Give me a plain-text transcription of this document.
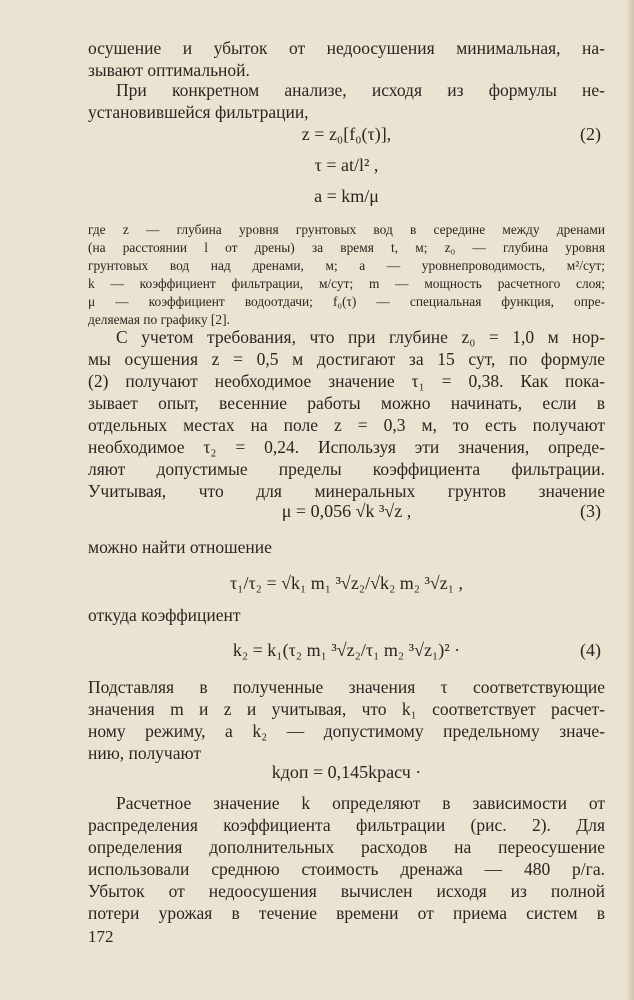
осушение и убыток от недоосушения минимальная, на-
зывают оптимальной.
При конкретном анализе, исходя из формулы не-
установившейся фильтрации,
z = z₀[f₀(τ)],	(2)
τ = at/l² ,
a = km/μ
где z — глубина уровня грунтовых вод в середине между дренами
(на расстоянии l от дрены) за время t, м; z₀ — глубина уровня
грунтовых вод над дренами, м; a — уровнепроводимость, м²/сут;
k — коэффициент фильтрации, м/сут; m — мощность расчетного слоя;
μ — коэффициент водоотдачи; f₀(τ) — специальная функция, опре-
деляемая по графику [2].
С учетом требования, что при глубине z₀ = 1,0 м нор-
мы осушения z = 0,5 м достигают за 15 сут, по формуле
(2) получают необходимое значение τ₁ = 0,38. Как пока-
зывает опыт, весенние работы можно начинать, если в
отдельных местах на поле z = 0,3 м, то есть получают
необходимое τ₂ = 0,24. Используя эти значения, опреде-
ляют допустимые пределы коэффициента фильтрации.
Учитывая, что для минеральных грунтов значение
μ = 0,056 √k ³√z ,	(3)
можно найти отношение
τ₁/τ₂ = √k₁ m₁ ³√z₂/√k₂ m₂ ³√z₁ ,
откуда коэффициент
k₂ = k₁(τ₂ m₁ ³√z₂/τ₁ m₂ ³√z₁)² ·	(4)
Подставляя в полученные значения τ соответствующие
значения m и z и учитывая, что k₁ соответствует расчет-
ному режиму, а k₂ — допустимому предельному значе-
нию, получают
kдоп = 0,145kрасч ·
Расчетное значение k определяют в зависимости от
распределения коэффициента фильтрации (рис. 2). Для
определения дополнительных расходов на переосушение
использовали среднюю стоимость дренажа — 480 р/га.
Убыток от недоосушения вычислен исходя из полной
потери урожая в течение времени от приема систем в
172
